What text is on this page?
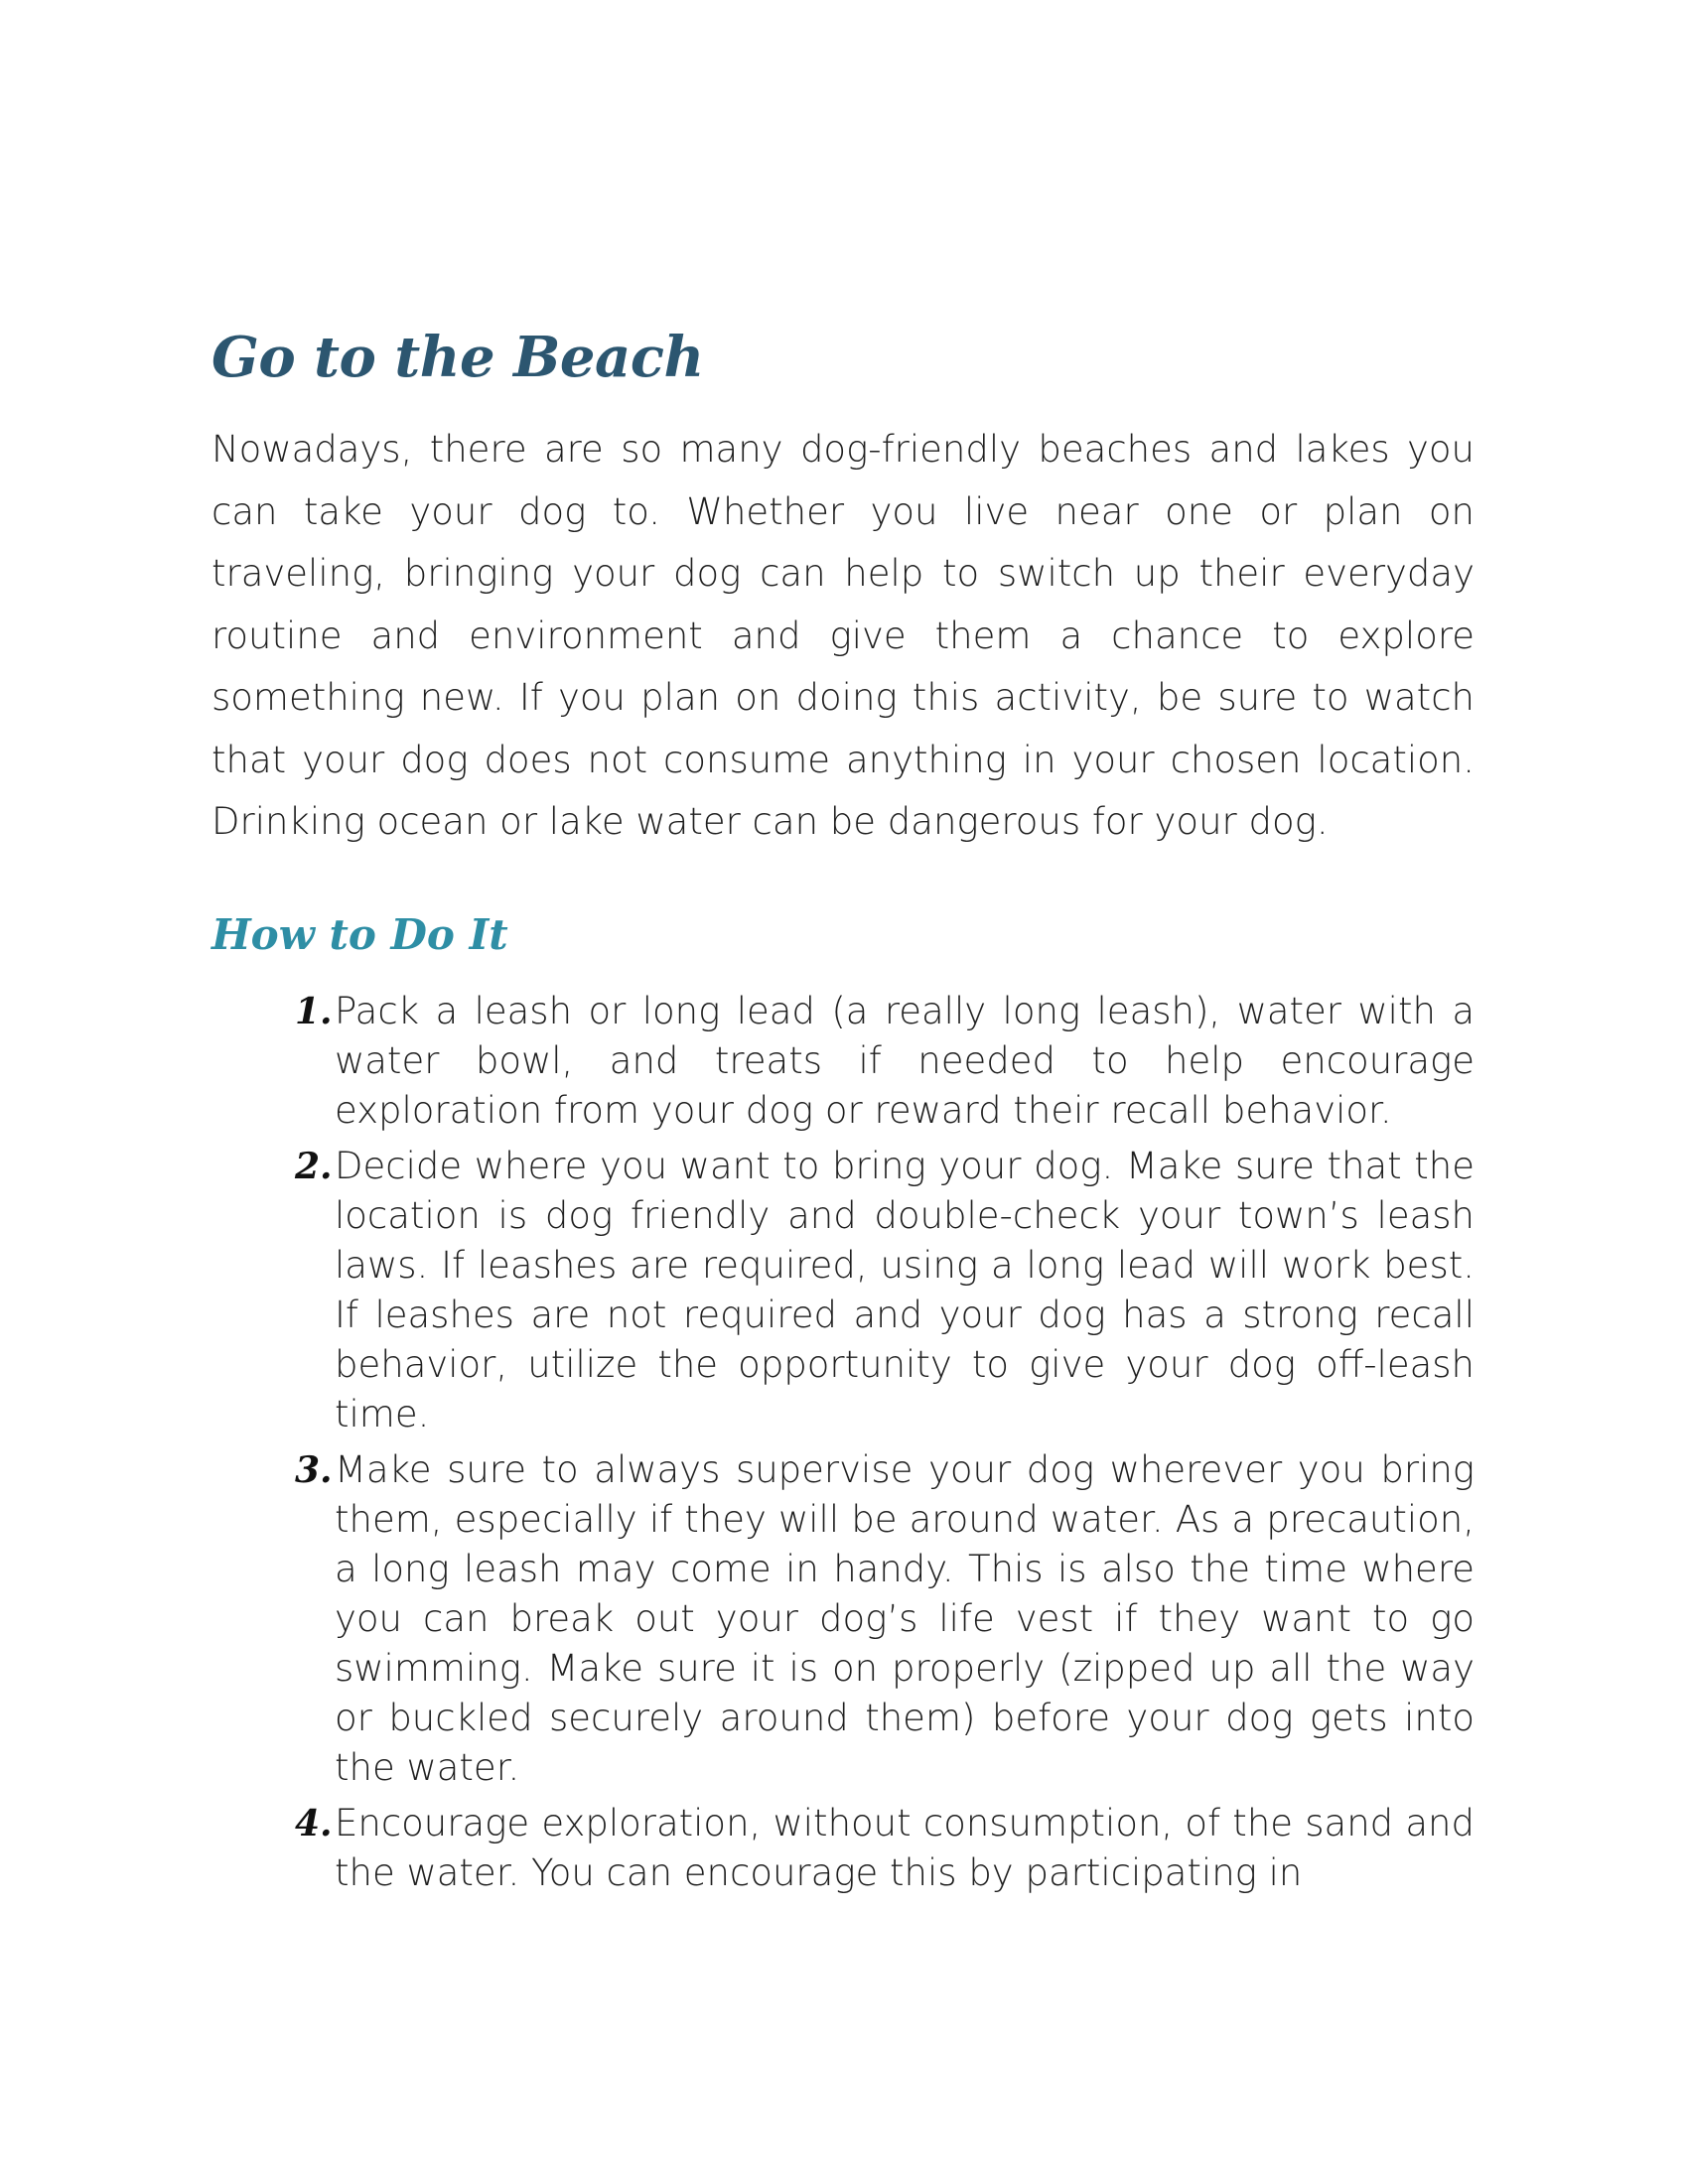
Go to the Beach

Nowadays, there are so many dog-friendly beaches and lakes you can take your dog to. Whether you live near one or plan on traveling, bringing your dog can help to switch up their everyday routine and environment and give them a chance to explore something new. If you plan on doing this activity, be sure to watch that your dog does not consume anything in your chosen location. Drinking ocean or lake water can be dangerous for your dog.

How to Do It
1. Pack a leash or long lead (a really long leash), water with a water bowl, and treats if needed to help encourage exploration from your dog or reward their recall behavior.
2. Decide where you want to bring your dog. Make sure that the location is dog friendly and double-check your town’s leash laws. If leashes are required, using a long lead will work best. If leashes are not required and your dog has a strong recall behavior, utilize the opportunity to give your dog off-leash time.
3. Make sure to always supervise your dog wherever you bring them, especially if they will be around water. As a precaution, a long leash may come in handy. This is also the time where you can break out your dog’s life vest if they want to go swimming. Make sure it is on properly (zipped up all the way or buckled securely around them) before your dog gets into the water.
4. Encourage exploration, without consumption, of the sand and the water. You can encourage this by participating in
